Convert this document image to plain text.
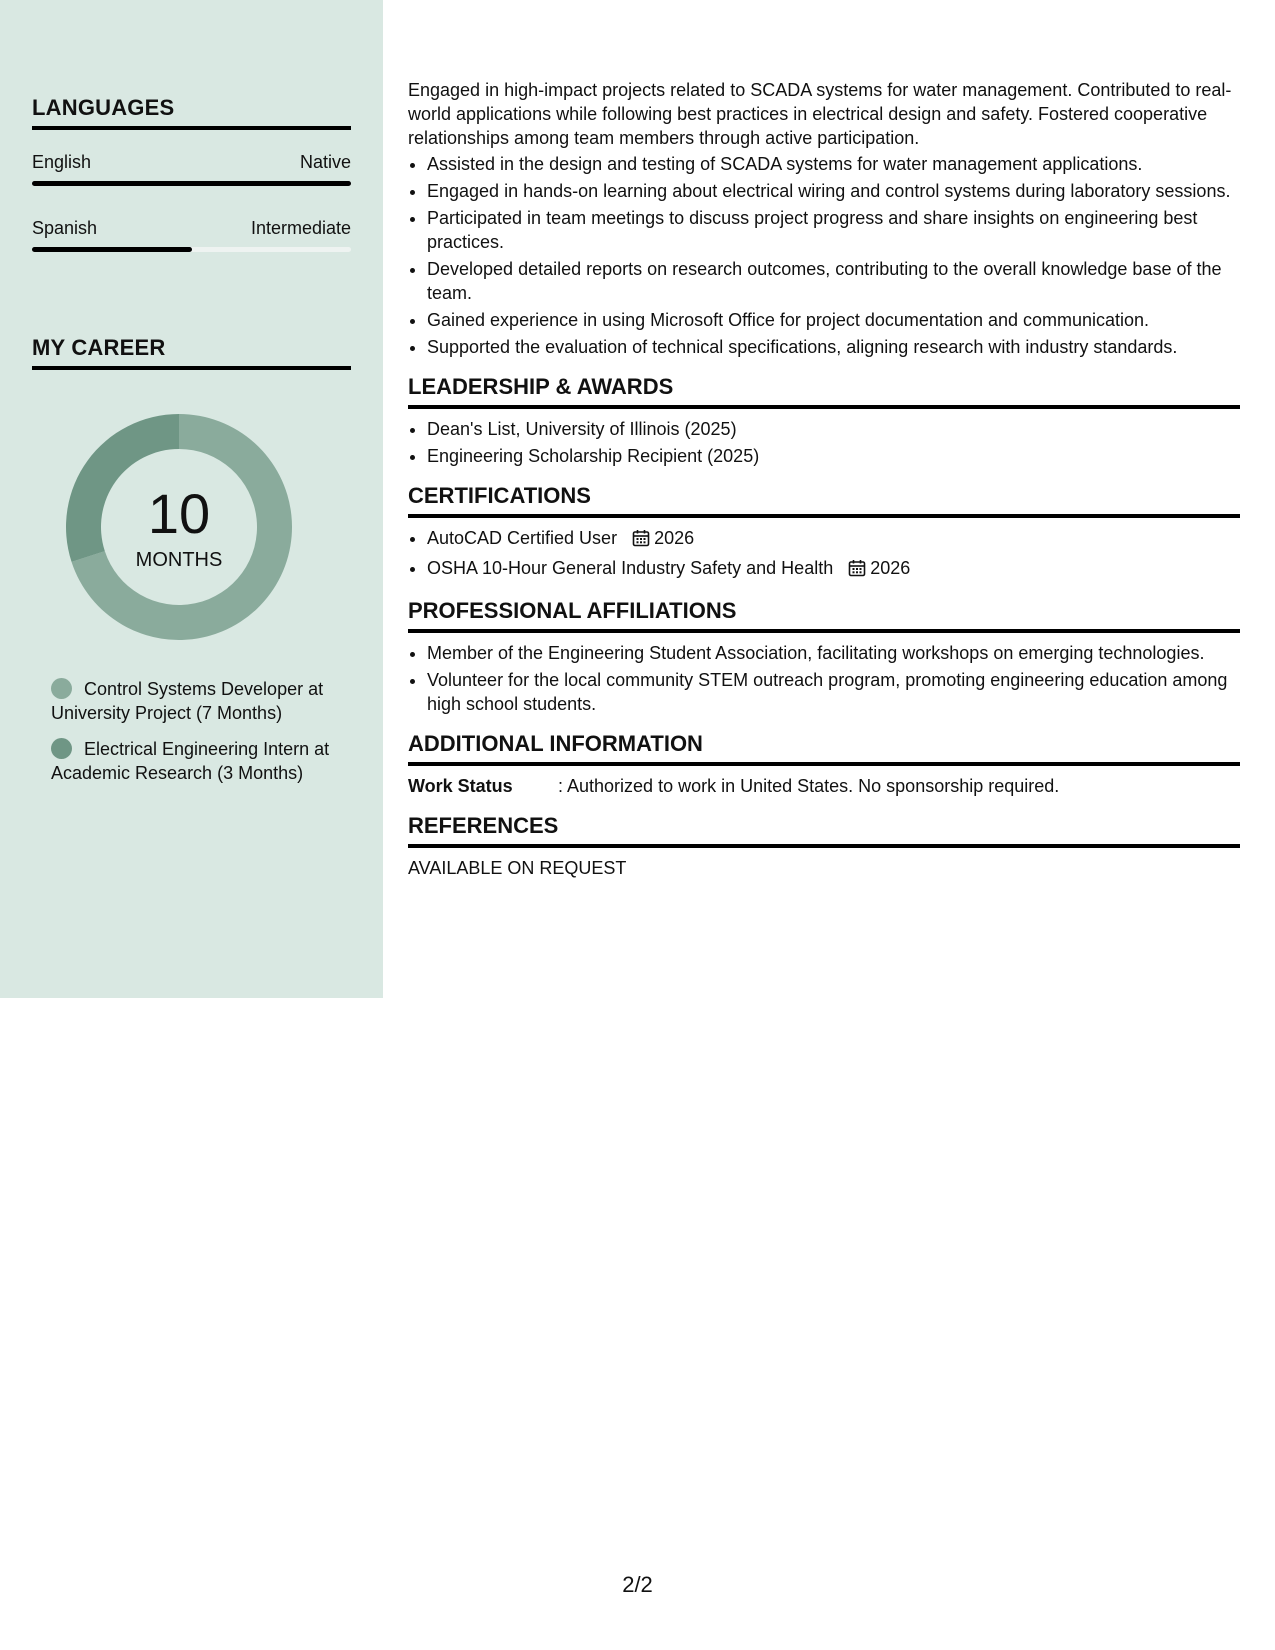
LANGUAGES
English	Native
Spanish	Intermediate
MY CAREER
10
MONTHS
Control Systems Developer at University Project (7 Months)
Electrical Engineering Intern at Academic Research (3 Months)

Engaged in high-impact projects related to SCADA systems for water management. Contributed to real-world applications while following best practices in electrical design and safety. Fostered cooperative relationships among team members through active participation.

• Assisted in the design and testing of SCADA systems for water management applications.
• Engaged in hands-on learning about electrical wiring and control systems during laboratory sessions.
• Participated in team meetings to discuss project progress and share insights on engineering best practices.
• Developed detailed reports on research outcomes, contributing to the overall knowledge base of the team.
• Gained experience in using Microsoft Office for project documentation and communication.
• Supported the evaluation of technical specifications, aligning research with industry standards.
LEADERSHIP & AWARDS
• Dean's List, University of Illinois (2025)
• Engineering Scholarship Recipient (2025)
CERTIFICATIONS
• AutoCAD Certified User 2026
• OSHA 10-Hour General Industry Safety and Health 2026
PROFESSIONAL AFFILIATIONS
• Member of the Engineering Student Association, facilitating workshops on emerging technologies.
• Volunteer for the local community STEM outreach program, promoting engineering education among high school students.
ADDITIONAL INFORMATION
Work Status	: Authorized to work in United States. No sponsorship required.
REFERENCES
AVAILABLE ON REQUEST
2/2
